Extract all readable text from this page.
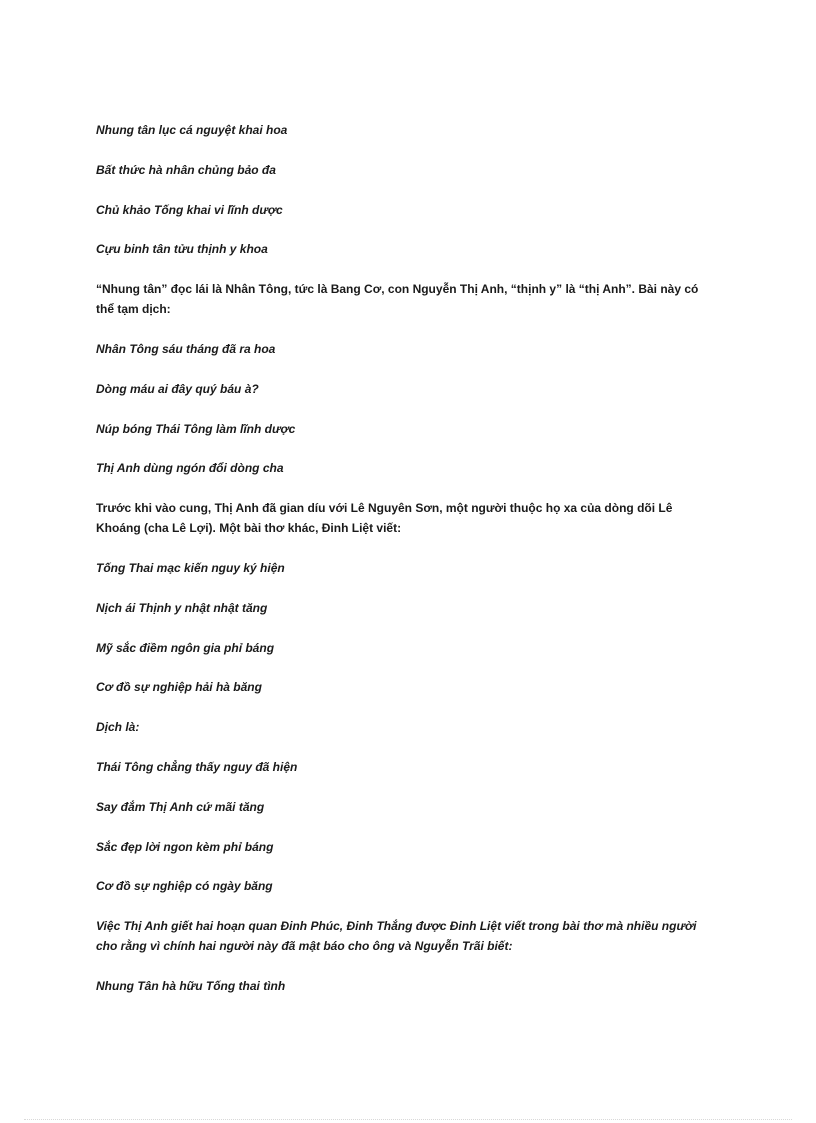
Nhung tân lục cá nguyệt khai hoa

Bất thức hà nhân chủng bảo đa

Chủ khảo Tống khai vi lĩnh dược

Cựu binh tân tửu thịnh y khoa

“Nhung tân” đọc lái là Nhân Tông, tức là Bang Cơ, con Nguyễn Thị Anh, “thịnh y” là “thị Anh”. Bài này có thể tạm dịch:

Nhân Tông sáu tháng đã ra hoa

Dòng máu ai đây quý báu à?

Núp bóng Thái Tông làm lĩnh dược

Thị Anh dùng ngón đổi dòng cha

Trước khi vào cung, Thị Anh đã gian díu với Lê Nguyên Sơn, một người thuộc họ xa của dòng dõi Lê Khoáng (cha Lê Lợi). Một bài thơ khác, Đinh Liệt viết:

Tống Thai mạc kiến nguy ký hiện

Nịch ái Thịnh y nhật nhật tăng

Mỹ sắc điềm ngôn gia phỉ báng

Cơ đồ sự nghiệp hải hà băng

Dịch là:

Thái Tông chẳng thấy nguy đã hiện

Say đắm Thị Anh cứ mãi tăng

Sắc đẹp lời ngon kèm phỉ báng

Cơ đồ sự nghiệp có ngày băng

Việc Thị Anh giết hai hoạn quan Đinh Phúc, Đinh Thắng được Đinh Liệt viết trong bài thơ mà nhiều người cho rằng vì chính hai người này đã mật báo cho ông và Nguyễn Trãi biết:

Nhung Tân hà hữu Tống thai tình
